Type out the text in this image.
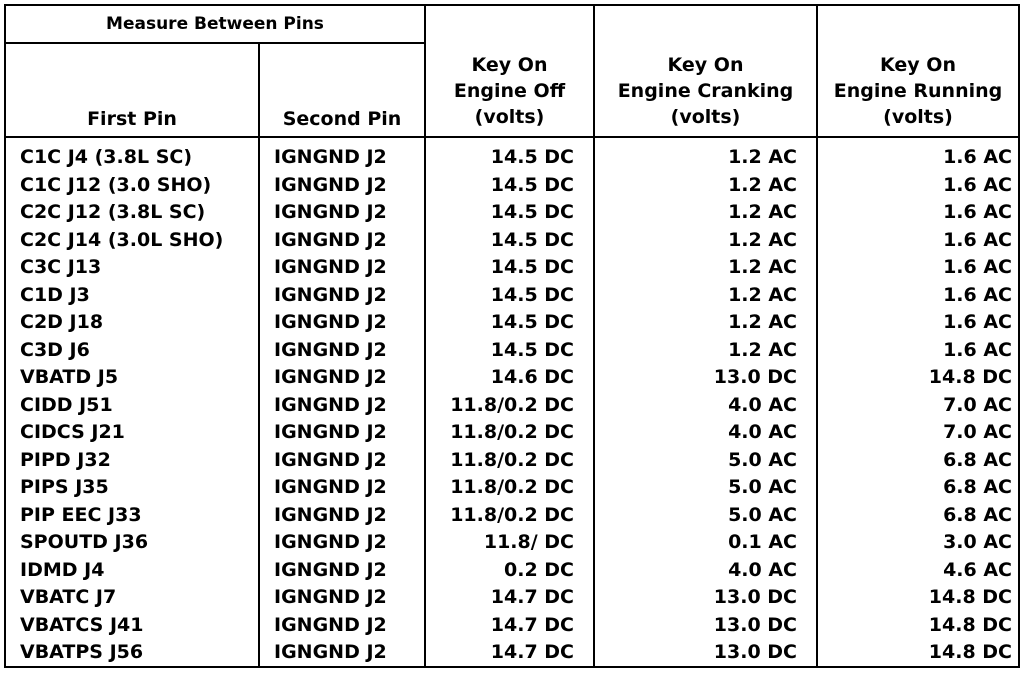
Measure Between Pins
First Pin	Second Pin
Key On
Engine Off
(volts)
Key On
Engine Cranking
(volts)
Key On
Engine Running
(volts)
C1C J4 (3.8L SC)	IGNGND J2	14.5 DC	1.2 AC	1.6 AC
C1C J12 (3.0 SHO)	IGNGND J2	14.5 DC	1.2 AC	1.6 AC
C2C J12 (3.8L SC)	IGNGND J2	14.5 DC	1.2 AC	1.6 AC
C2C J14 (3.0L SHO)	IGNGND J2	14.5 DC	1.2 AC	1.6 AC
C3C J13	IGNGND J2	14.5 DC	1.2 AC	1.6 AC
C1D J3	IGNGND J2	14.5 DC	1.2 AC	1.6 AC
C2D J18	IGNGND J2	14.5 DC	1.2 AC	1.6 AC
C3D J6	IGNGND J2	14.5 DC	1.2 AC	1.6 AC
VBATD J5	IGNGND J2	14.6 DC	13.0 DC	14.8 DC
CIDD J51	IGNGND J2	11.8/0.2 DC	4.0 AC	7.0 AC
CIDCS J21	IGNGND J2	11.8/0.2 DC	4.0 AC	7.0 AC
PIPD J32	IGNGND J2	11.8/0.2 DC	5.0 AC	6.8 AC
PIPS J35	IGNGND J2	11.8/0.2 DC	5.0 AC	6.8 AC
PIP EEC J33	IGNGND J2	11.8/0.2 DC	5.0 AC	6.8 AC
SPOUTD J36	IGNGND J2	11.8/ DC	0.1 AC	3.0 AC
IDMD J4	IGNGND J2	0.2 DC	4.0 AC	4.6 AC
VBATC J7	IGNGND J2	14.7 DC	13.0 DC	14.8 DC
VBATCS J41	IGNGND J2	14.7 DC	13.0 DC	14.8 DC
VBATPS J56	IGNGND J2	14.7 DC	13.0 DC	14.8 DC
